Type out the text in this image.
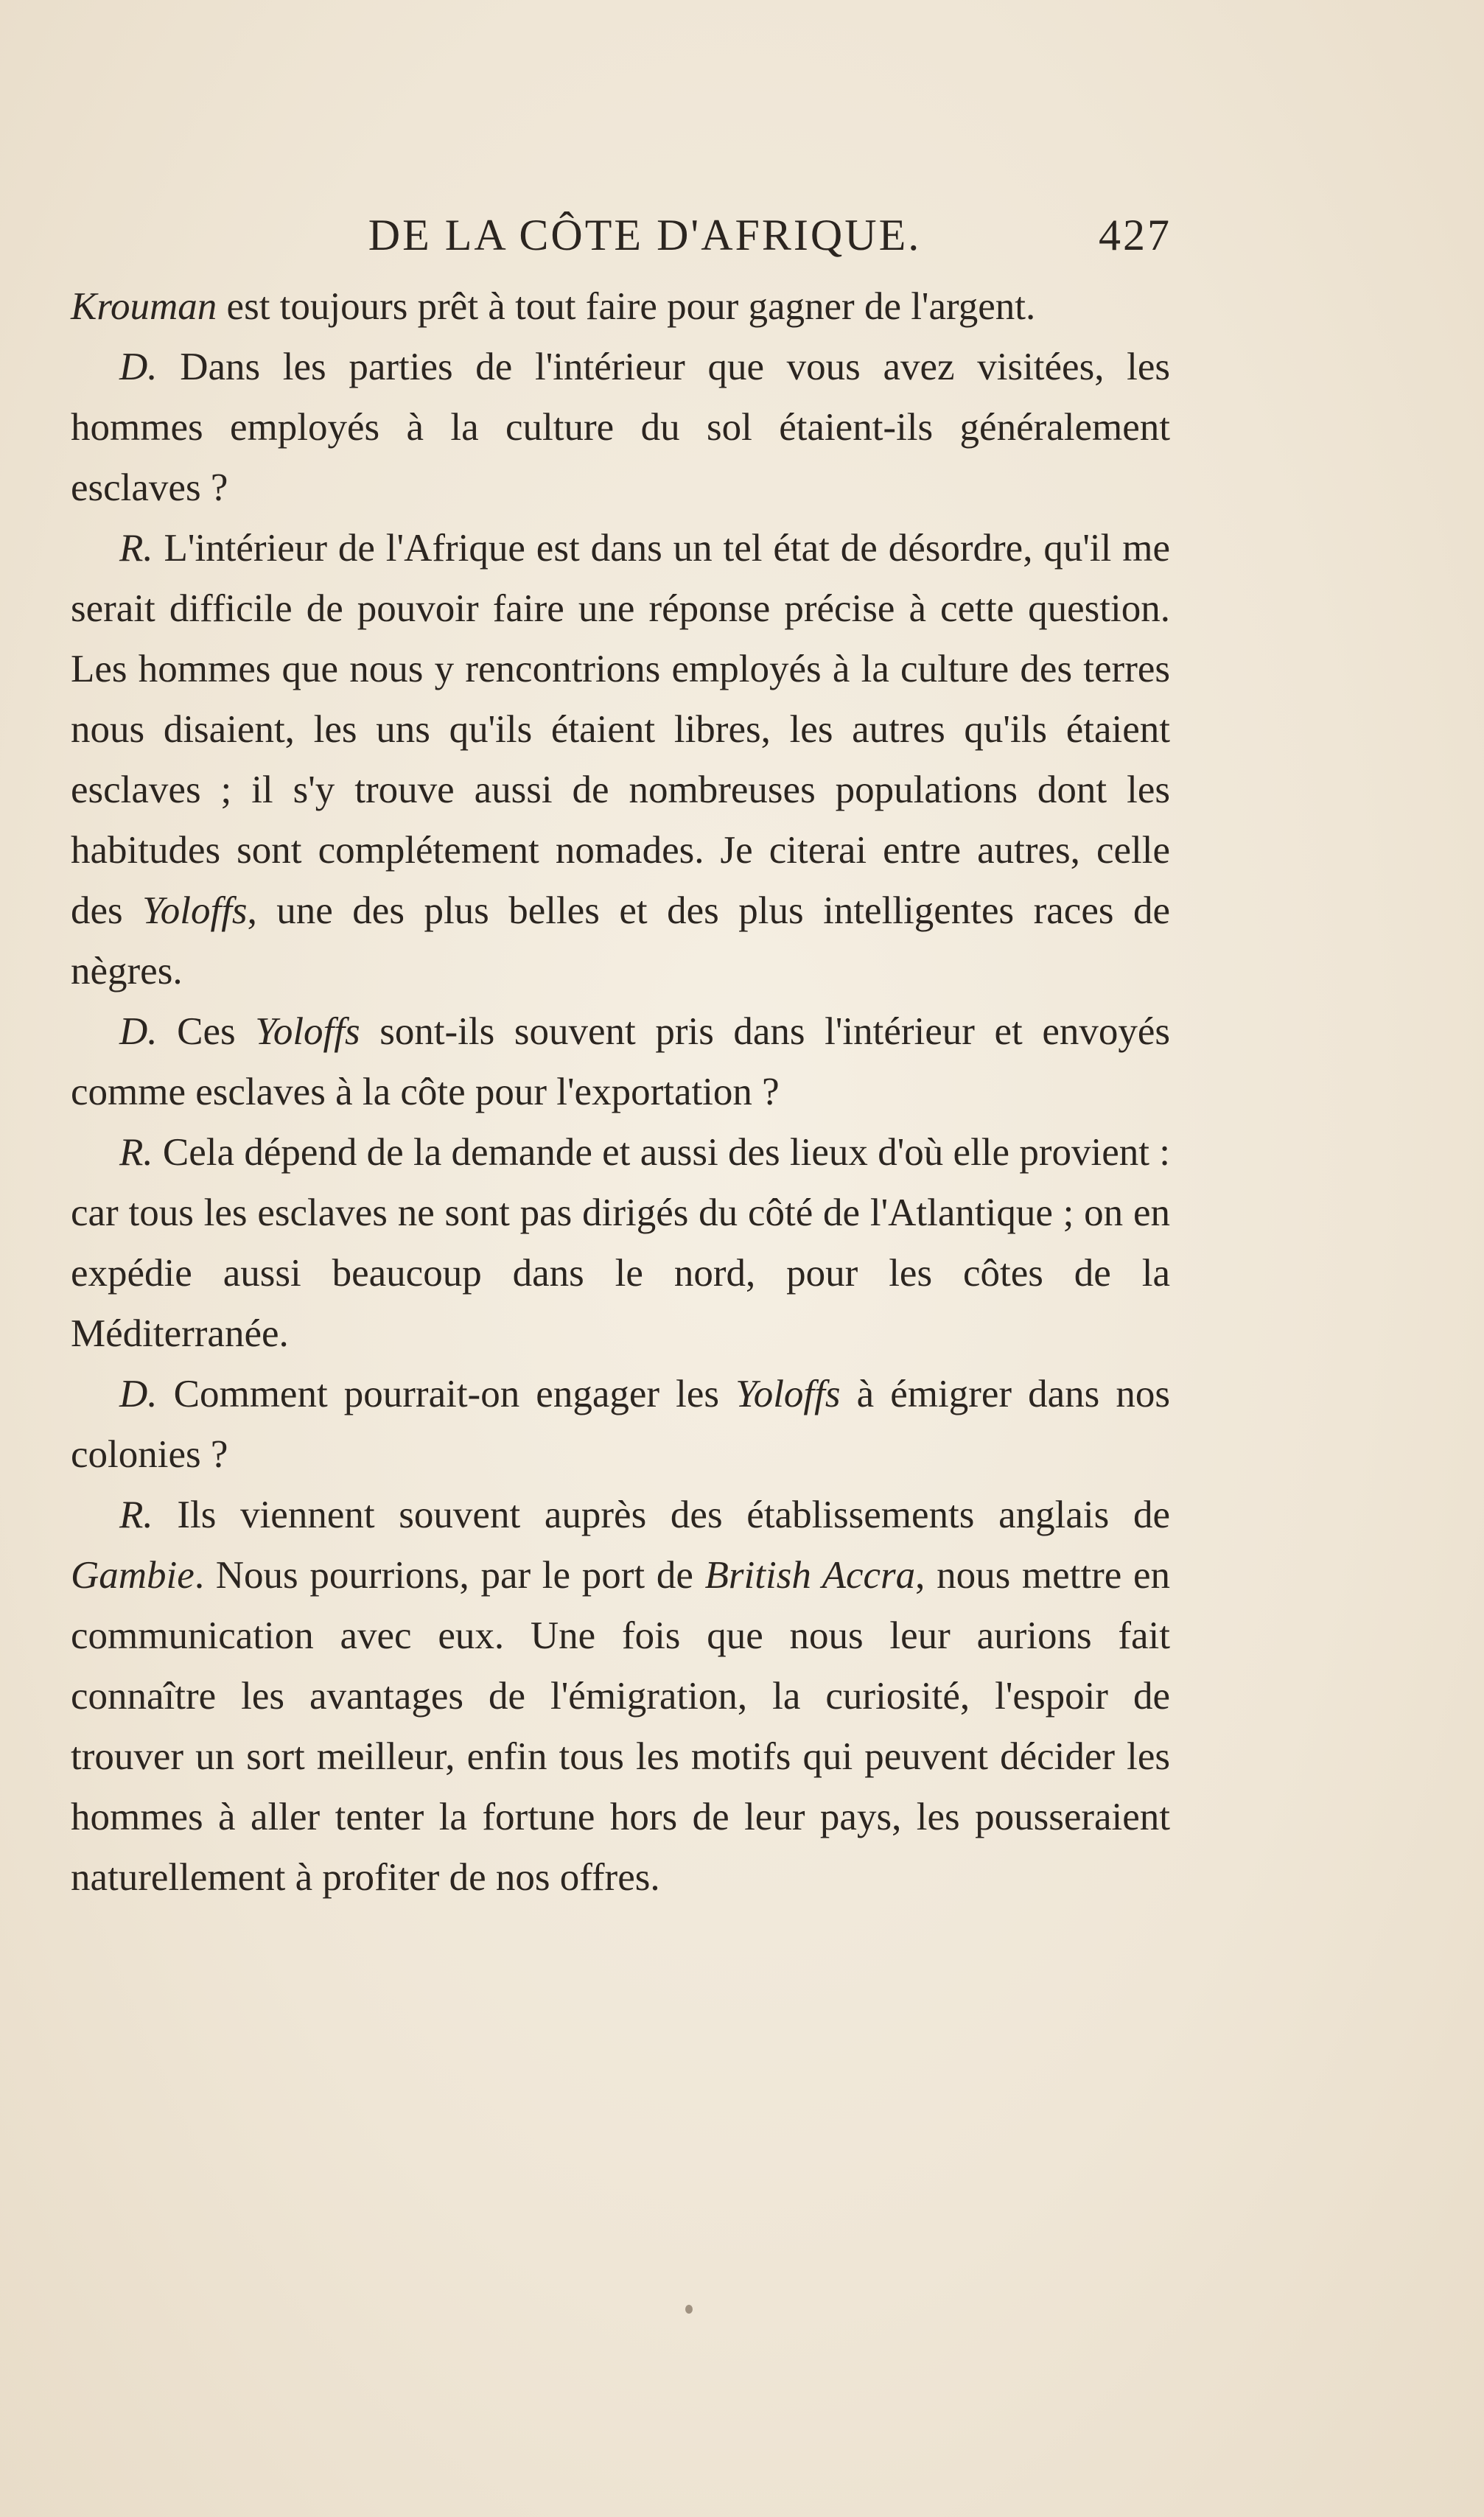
DE LA CÔTE D'AFRIQUE.	427

Krouman est toujours prêt à tout faire pour gagner de l'argent.

D. Dans les parties de l'intérieur que vous avez visitées, les hommes employés à la culture du sol étaient-ils généralement esclaves ?

R. L'intérieur de l'Afrique est dans un tel état de désordre, qu'il me serait difficile de pouvoir faire une réponse précise à cette question. Les hommes que nous y rencontrions employés à la culture des terres nous disaient, les uns qu'ils étaient libres, les autres qu'ils étaient esclaves ; il s'y trouve aussi de nombreuses populations dont les habitudes sont complétement nomades. Je citerai entre autres, celle des Yoloffs, une des plus belles et des plus intelligentes races de nègres.

D. Ces Yoloffs sont-ils souvent pris dans l'intérieur et envoyés comme esclaves à la côte pour l'exportation ?

R. Cela dépend de la demande et aussi des lieux d'où elle provient : car tous les esclaves ne sont pas dirigés du côté de l'Atlantique ; on en expédie aussi beaucoup dans le nord, pour les côtes de la Méditerranée.

D. Comment pourrait-on engager les Yoloffs à émigrer dans nos colonies ?

R. Ils viennent souvent auprès des établissements anglais de Gambie. Nous pourrions, par le port de British Accra, nous mettre en communication avec eux. Une fois que nous leur aurions fait connaître les avantages de l'émigration, la curiosité, l'espoir de trouver un sort meilleur, enfin tous les motifs qui peuvent décider les hommes à aller tenter la fortune hors de leur pays, les pousseraient naturellement à profiter de nos offres.
